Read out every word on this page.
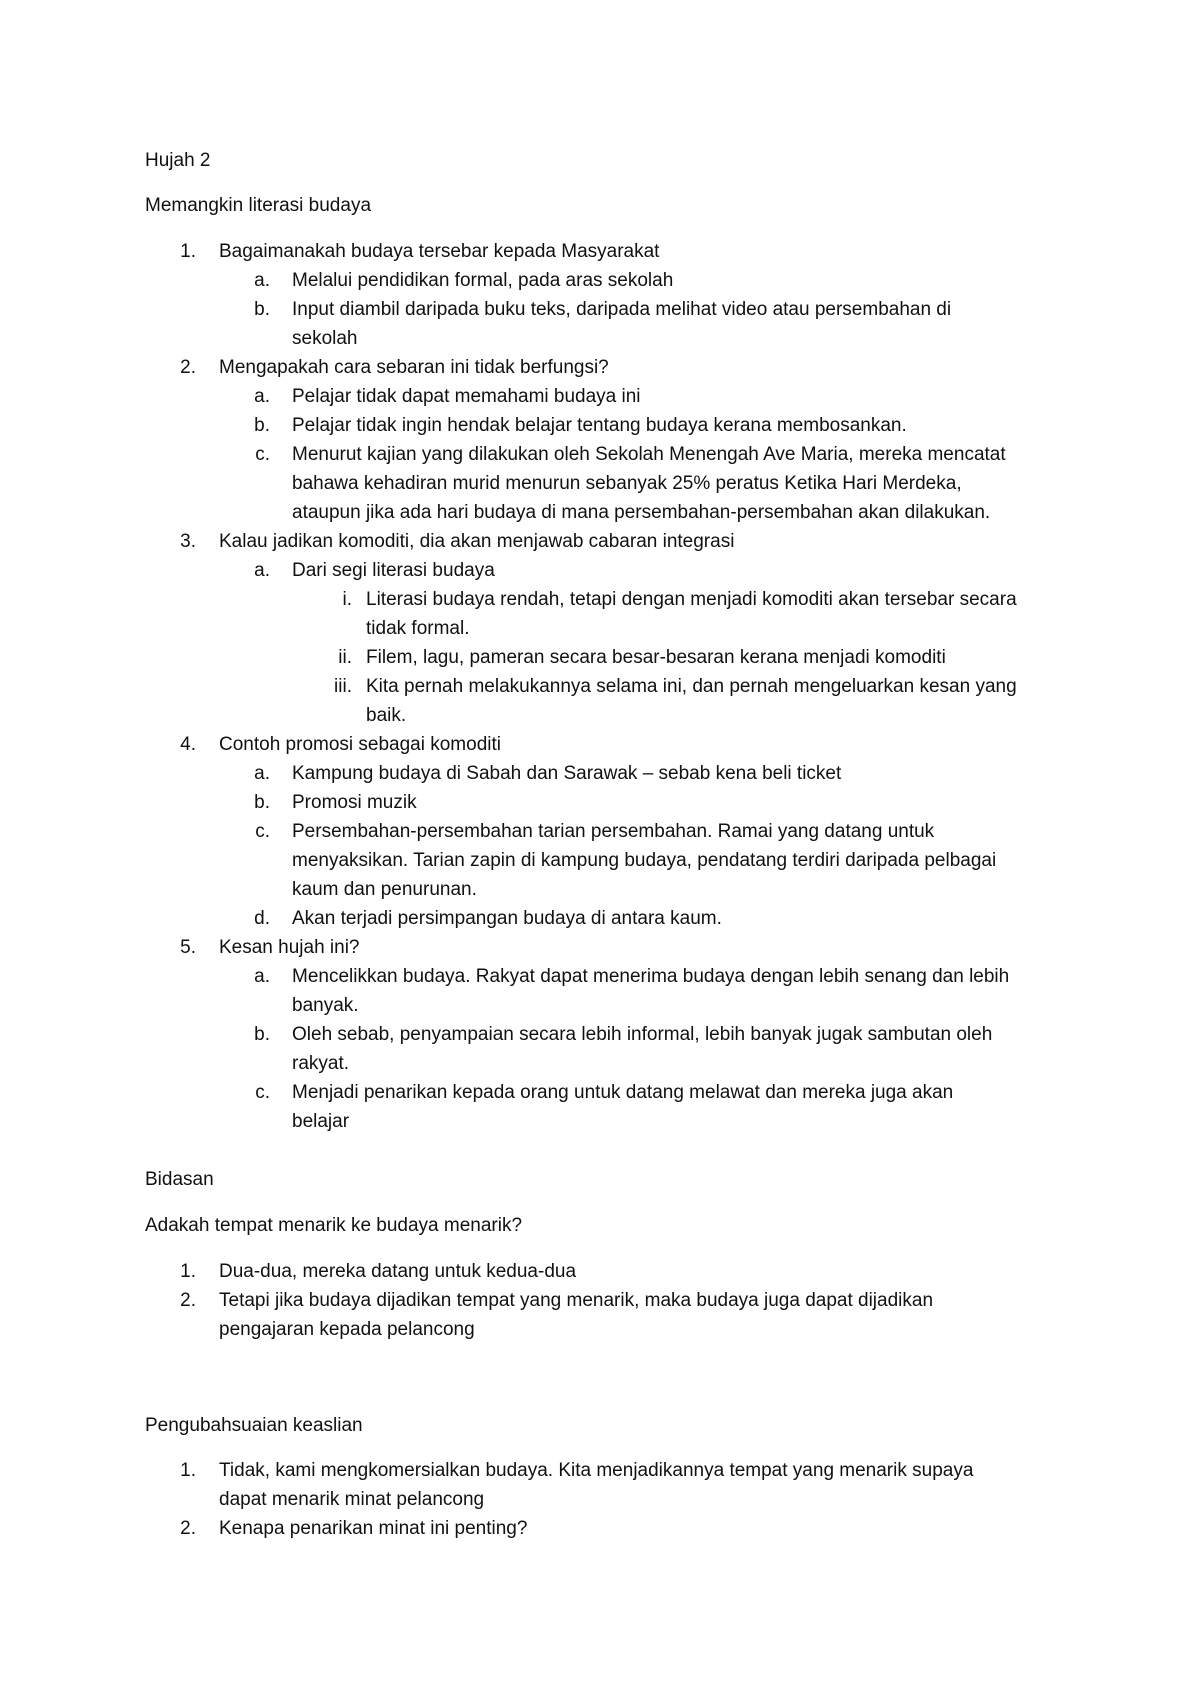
Hujah 2

Memangkin literasi budaya

1. Bagaimanakah budaya tersebar kepada Masyarakat
a. Melalui pendidikan formal, pada aras sekolah
b. Input diambil daripada buku teks, daripada melihat video atau persembahan di
sekolah
2. Mengapakah cara sebaran ini tidak berfungsi?
a. Pelajar tidak dapat memahami budaya ini
b. Pelajar tidak ingin hendak belajar tentang budaya kerana membosankan.
c. Menurut kajian yang dilakukan oleh Sekolah Menengah Ave Maria, mereka mencatat
bahawa kehadiran murid menurun sebanyak 25% peratus Ketika Hari Merdeka,
ataupun jika ada hari budaya di mana persembahan-persembahan akan dilakukan.
3. Kalau jadikan komoditi, dia akan menjawab cabaran integrasi
a. Dari segi literasi budaya
i. Literasi budaya rendah, tetapi dengan menjadi komoditi akan tersebar secara
tidak formal.
ii. Filem, lagu, pameran secara besar-besaran kerana menjadi komoditi
iii. Kita pernah melakukannya selama ini, dan pernah mengeluarkan kesan yang
baik.
4. Contoh promosi sebagai komoditi
a. Kampung budaya di Sabah dan Sarawak – sebab kena beli ticket
b. Promosi muzik
c. Persembahan-persembahan tarian persembahan. Ramai yang datang untuk
menyaksikan. Tarian zapin di kampung budaya, pendatang terdiri daripada pelbagai
kaum dan penurunan.
d. Akan terjadi persimpangan budaya di antara kaum.
5. Kesan hujah ini?
a. Mencelikkan budaya. Rakyat dapat menerima budaya dengan lebih senang dan lebih
banyak.
b. Oleh sebab, penyampaian secara lebih informal, lebih banyak jugak sambutan oleh
rakyat.
c. Menjadi penarikan kepada orang untuk datang melawat dan mereka juga akan
belajar

Bidasan

Adakah tempat menarik ke budaya menarik?

1. Dua-dua, mereka datang untuk kedua-dua
2. Tetapi jika budaya dijadikan tempat yang menarik, maka budaya juga dapat dijadikan
pengajaran kepada pelancong

Pengubahsuaian keaslian

1. Tidak, kami mengkomersialkan budaya. Kita menjadikannya tempat yang menarik supaya
dapat menarik minat pelancong
2. Kenapa penarikan minat ini penting?
